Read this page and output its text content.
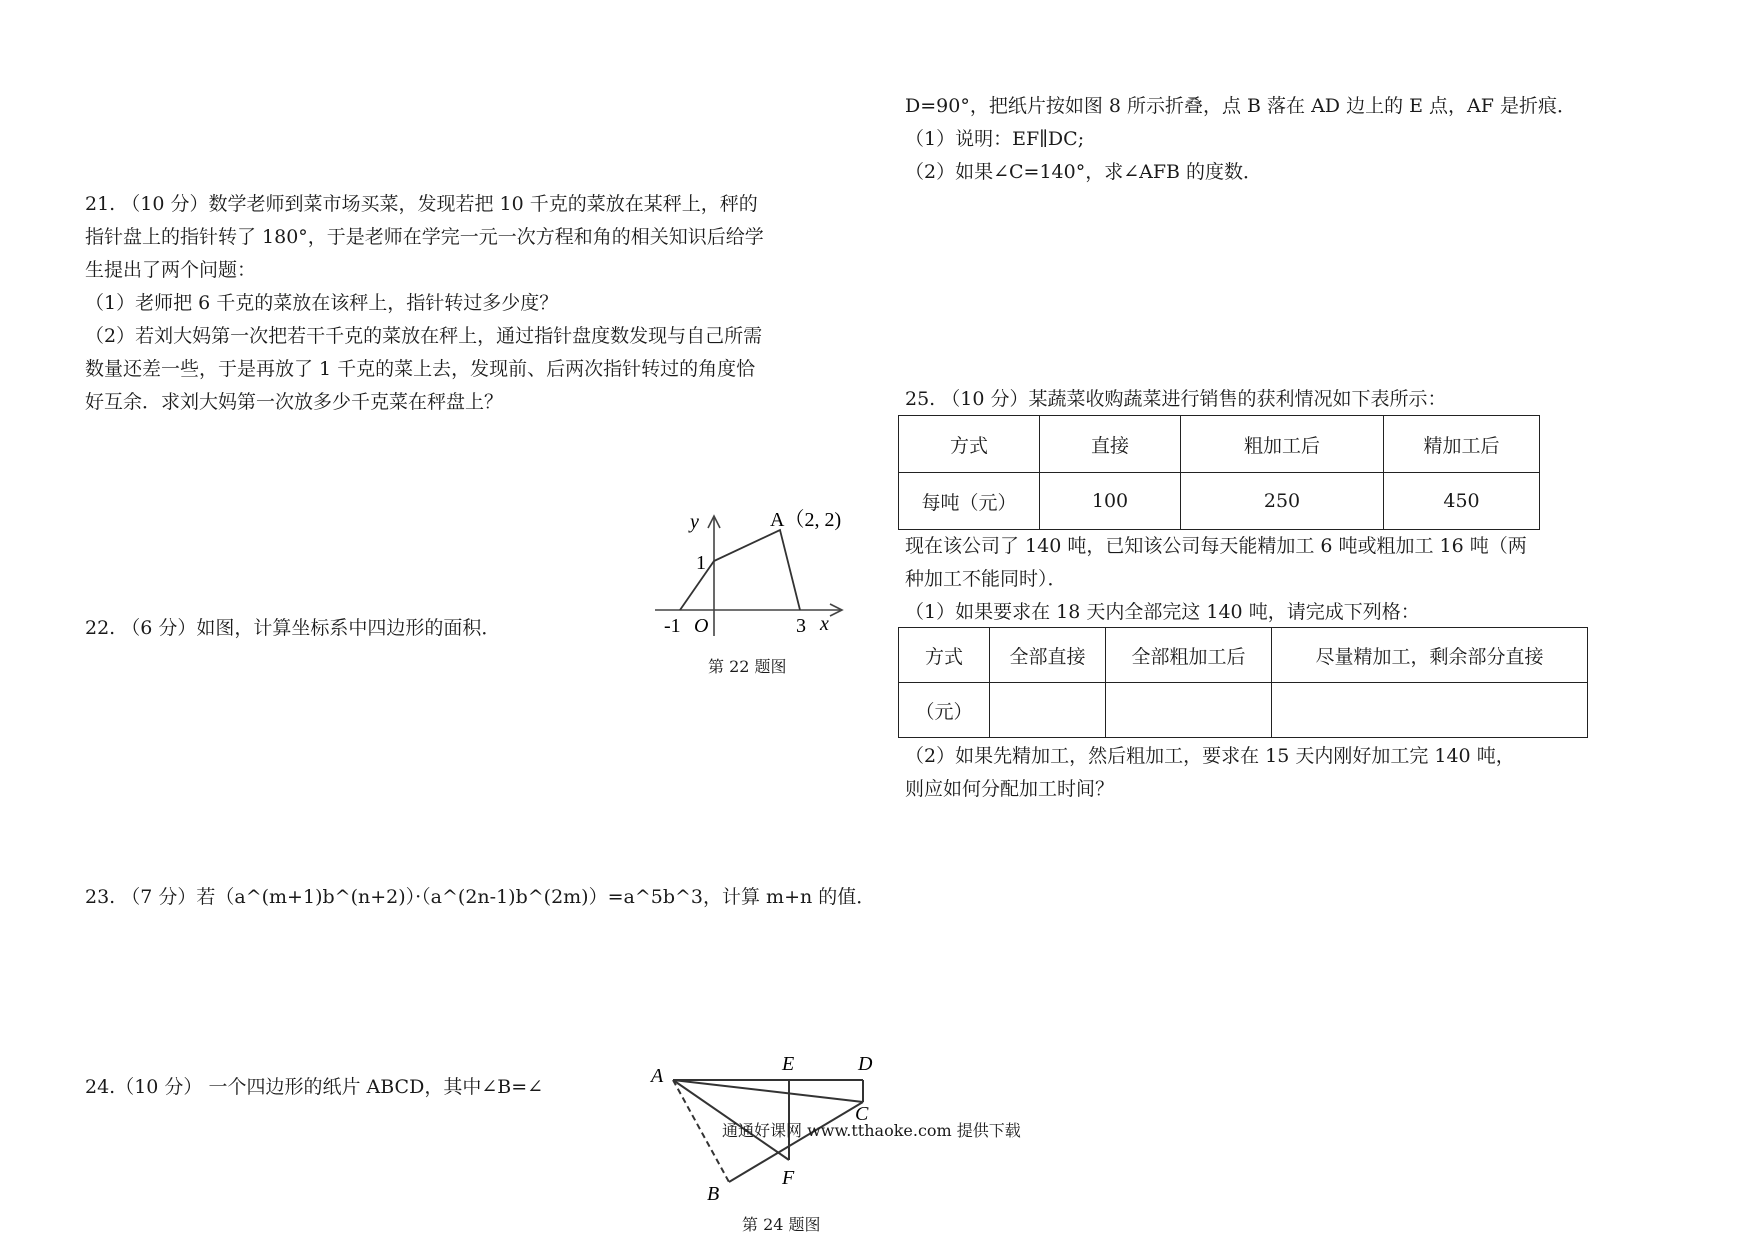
21. （10 分）数学老师到菜市场买菜，发现若把 10 千克的菜放在某秤上，秤的

指针盘上的指针转了 180°，于是老师在学完一元一次方程和角的相关知识后给学

生提出了两个问题：

（1）老师把 6 千克的菜放在该秤上，指针转过多少度？

（2）若刘大妈第一次把若干千克的菜放在秤上，通过指针盘度数发现与自己所需

数量还差一些，于是再放了 1 千克的菜上去，发现前、后两次指针转过的角度恰

好互余．求刘大妈第一次放多少千克菜在秤盘上？

22. （6 分）如图，计算坐标系中四边形的面积．

y
x
O
A（2, 2)
1
-1	3
第 22 题图

23. （7 分）若（a^(m+1)b^(n+2)）·（a^(2n-1)b^(2m)）=a^5b^3，计算 m+n 的值．

24.（10 分） 一个四边形的纸片 ABCD，其中∠B=∠	A
E	D
C
F
B
第 24 题图
通通好课网 www.tthaoke.com 提供下载

D=90°，把纸片按如图 8 所示折叠，点 B 落在 AD 边上的 E 点，AF 是折痕．

（1）说明：EF∥DC;

（2）如果∠C=140°，求∠AFB 的度数．

25. （10 分）某蔬菜收购蔬菜进行销售的获利情况如下表所示：

方式	直接	粗加工后	精加工后
每吨（元）	100	250	450

现在该公司了 140 吨，已知该公司每天能精加工 6 吨或粗加工 16 吨（两

种加工不能同时）．

（1）如果要求在 18 天内全部完这 140 吨，请完成下列格：

方式	全部直接	全部粗加工后	尽量精加工，剩余部分直接
（元）			

（2）如果先精加工，然后粗加工，要求在 15 天内刚好加工完 140 吨，

则应如何分配加工时间？
